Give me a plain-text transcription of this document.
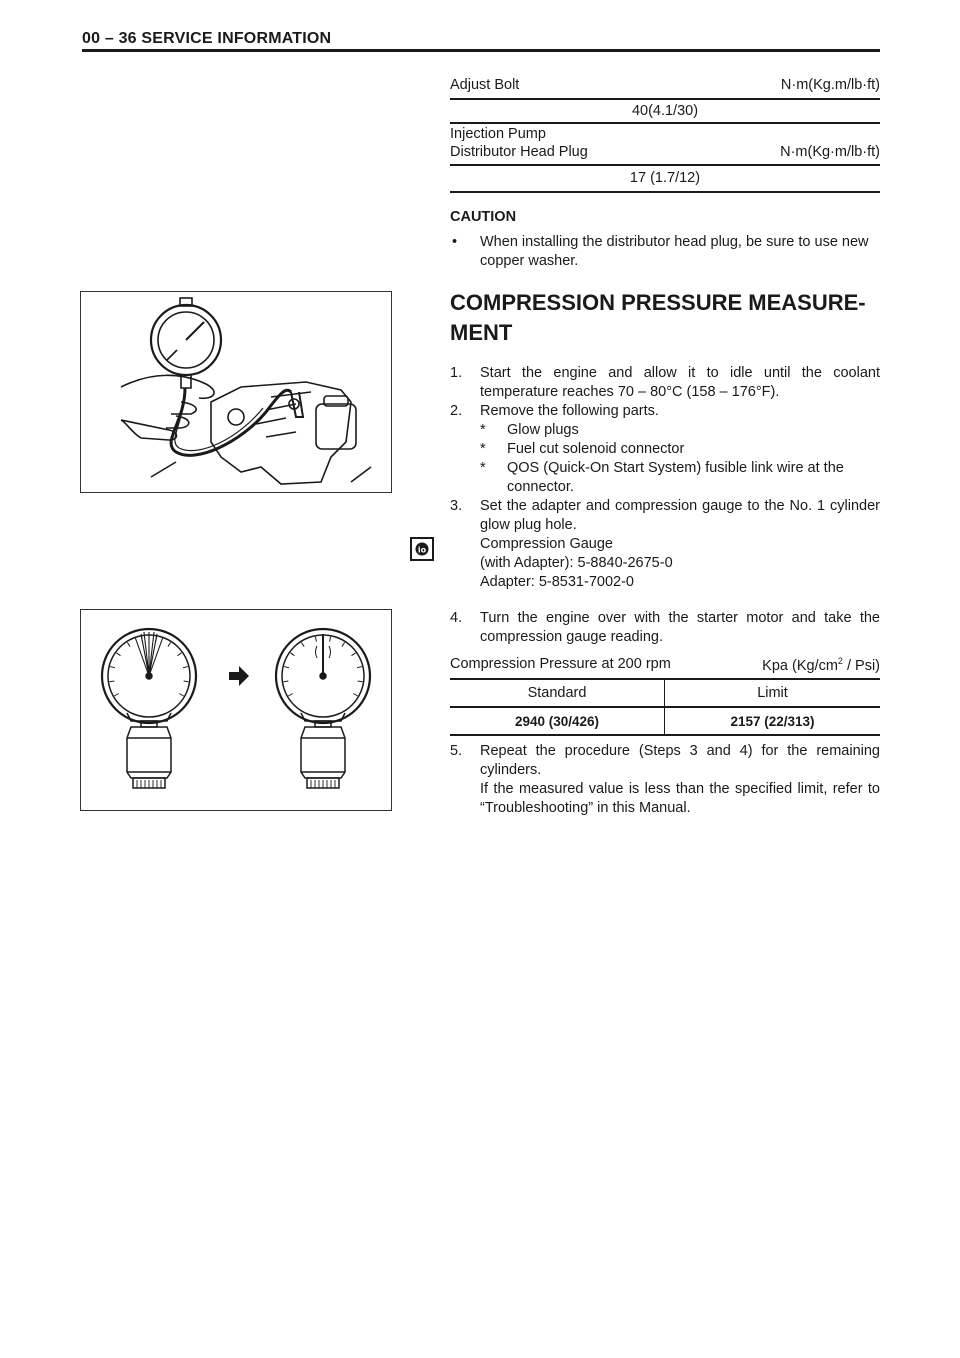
00 – 36 SERVICE INFORMATION
Adjust Bolt	N·m(Kg.m/lb·ft)
40(4.1/30)
Injection Pump
Distributor Head Plug	N·m(Kg·m/lb·ft)
17 (1.7/12)
CAUTION
• When installing the distributor head plug, be sure to use new copper washer.
COMPRESSION PRESSURE MEASURE-
MENT
1. Start the engine and allow it to idle until the coolant temperature reaches 70 – 80°C (158 – 176°F).
2. Remove the following parts.
* Glow plugs
* Fuel cut solenoid connector
* QOS (Quick-On Start System) fusible link wire at the connector.
3. Set the adapter and compression gauge to the No. 1 cylinder glow plug hole.
Compression Gauge
(with Adapter): 5-8840-2675-0
Adapter: 5-8531-7002-0
io
4. Turn the engine over with the starter motor and take the compression gauge reading.
Compression Pressure at 200 rpm	Kpa $(Kg/cm^2 / Psi)$
Standard	Limit
2940 (30/426)	2157 (22/313)
5. Repeat the procedure (Steps 3 and 4) for the remaining cylinders.
If the measured value is less than the specified limit, refer to “Troubleshooting” in this Manual.
